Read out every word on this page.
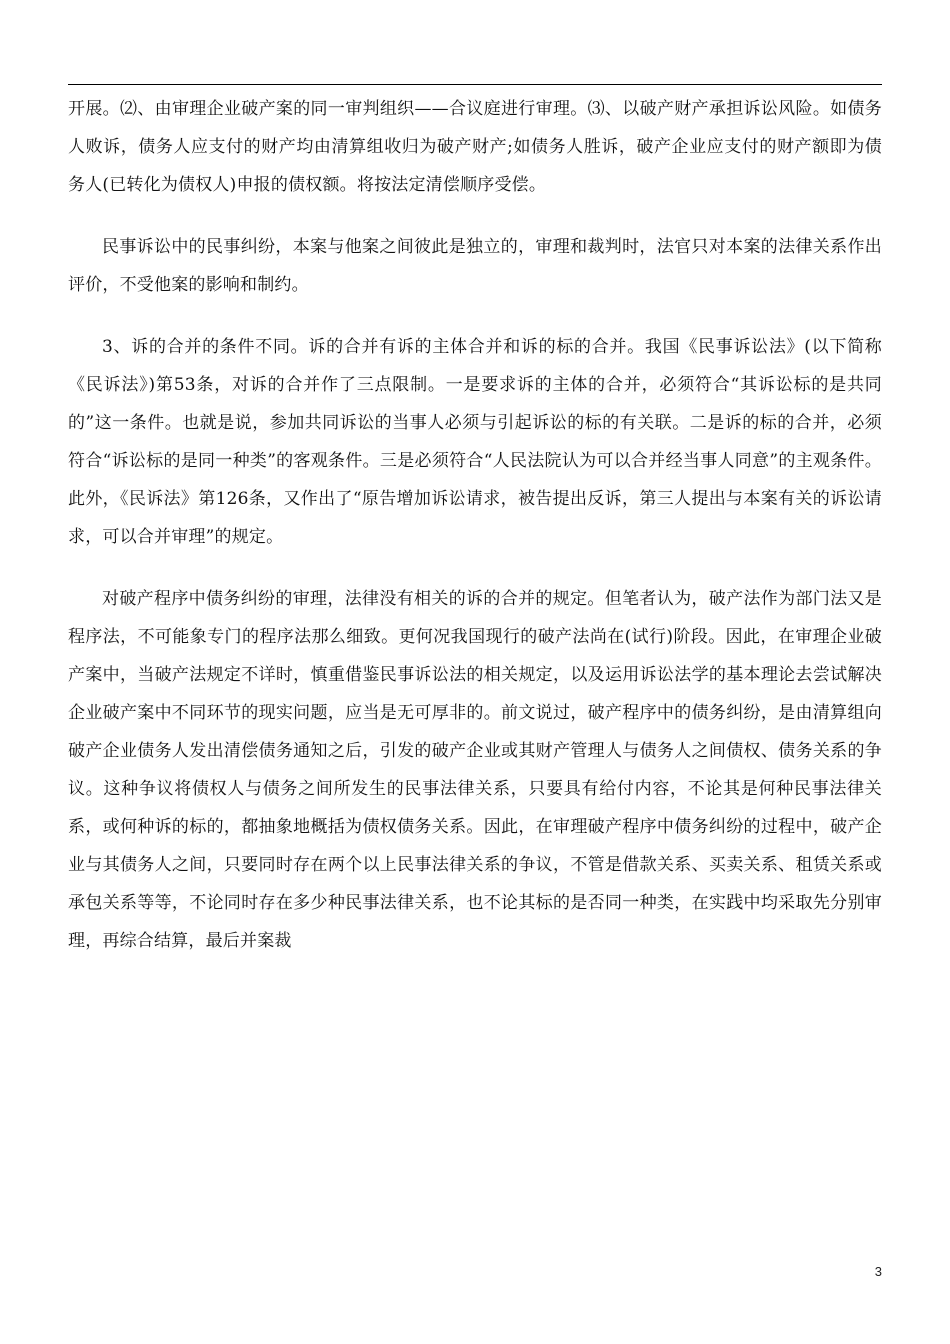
开展。⑵、由审理企业破产案的同一审判组织——合议庭进行审理。⑶、以破产财产承担诉讼风险。如债务人败诉，债务人应支付的财产均由清算组收归为破产财产;如债务人胜诉，破产企业应支付的财产额即为债务人(已转化为债权人)申报的债权额。将按法定清偿顺序受偿。

民事诉讼中的民事纠纷，本案与他案之间彼此是独立的，审理和裁判时，法官只对本案的法律关系作出评价，不受他案的影响和制约。

3、诉的合并的条件不同。诉的合并有诉的主体合并和诉的标的合并。我国《民事诉讼法》(以下简称《民诉法》)第53条，对诉的合并作了三点限制。一是要求诉的主体的合并，必须符合“其诉讼标的是共同的”这一条件。也就是说，参加共同诉讼的当事人必须与引起诉讼的标的有关联。二是诉的标的合并，必须符合“诉讼标的是同一种类”的客观条件。三是必须符合“人民法院认为可以合并经当事人同意”的主观条件。此外，《民诉法》第126条，又作出了“原告增加诉讼请求，被告提出反诉，第三人提出与本案有关的诉讼请求，可以合并审理”的规定。

对破产程序中债务纠纷的审理，法律没有相关的诉的合并的规定。但笔者认为，破产法作为部门法又是程序法，不可能象专门的程序法那么细致。更何况我国现行的破产法尚在(试行)阶段。因此，在审理企业破产案中，当破产法规定不详时，慎重借鉴民事诉讼法的相关规定，以及运用诉讼法学的基本理论去尝试解决企业破产案中不同环节的现实问题，应当是无可厚非的。前文说过，破产程序中的债务纠纷，是由清算组向破产企业债务人发出清偿债务通知之后，引发的破产企业或其财产管理人与债务人之间债权、债务关系的争议。这种争议将债权人与债务之间所发生的民事法律关系，只要具有给付内容，不论其是何种民事法律关系，或何种诉的标的，都抽象地概括为债权债务关系。因此，在审理破产程序中债务纠纷的过程中，破产企业与其债务人之间，只要同时存在两个以上民事法律关系的争议，不管是借款关系、买卖关系、租赁关系或承包关系等等，不论同时存在多少种民事法律关系，也不论其标的是否同一种类，在实践中均采取先分别审理，再综合结算，最后并案裁

3
